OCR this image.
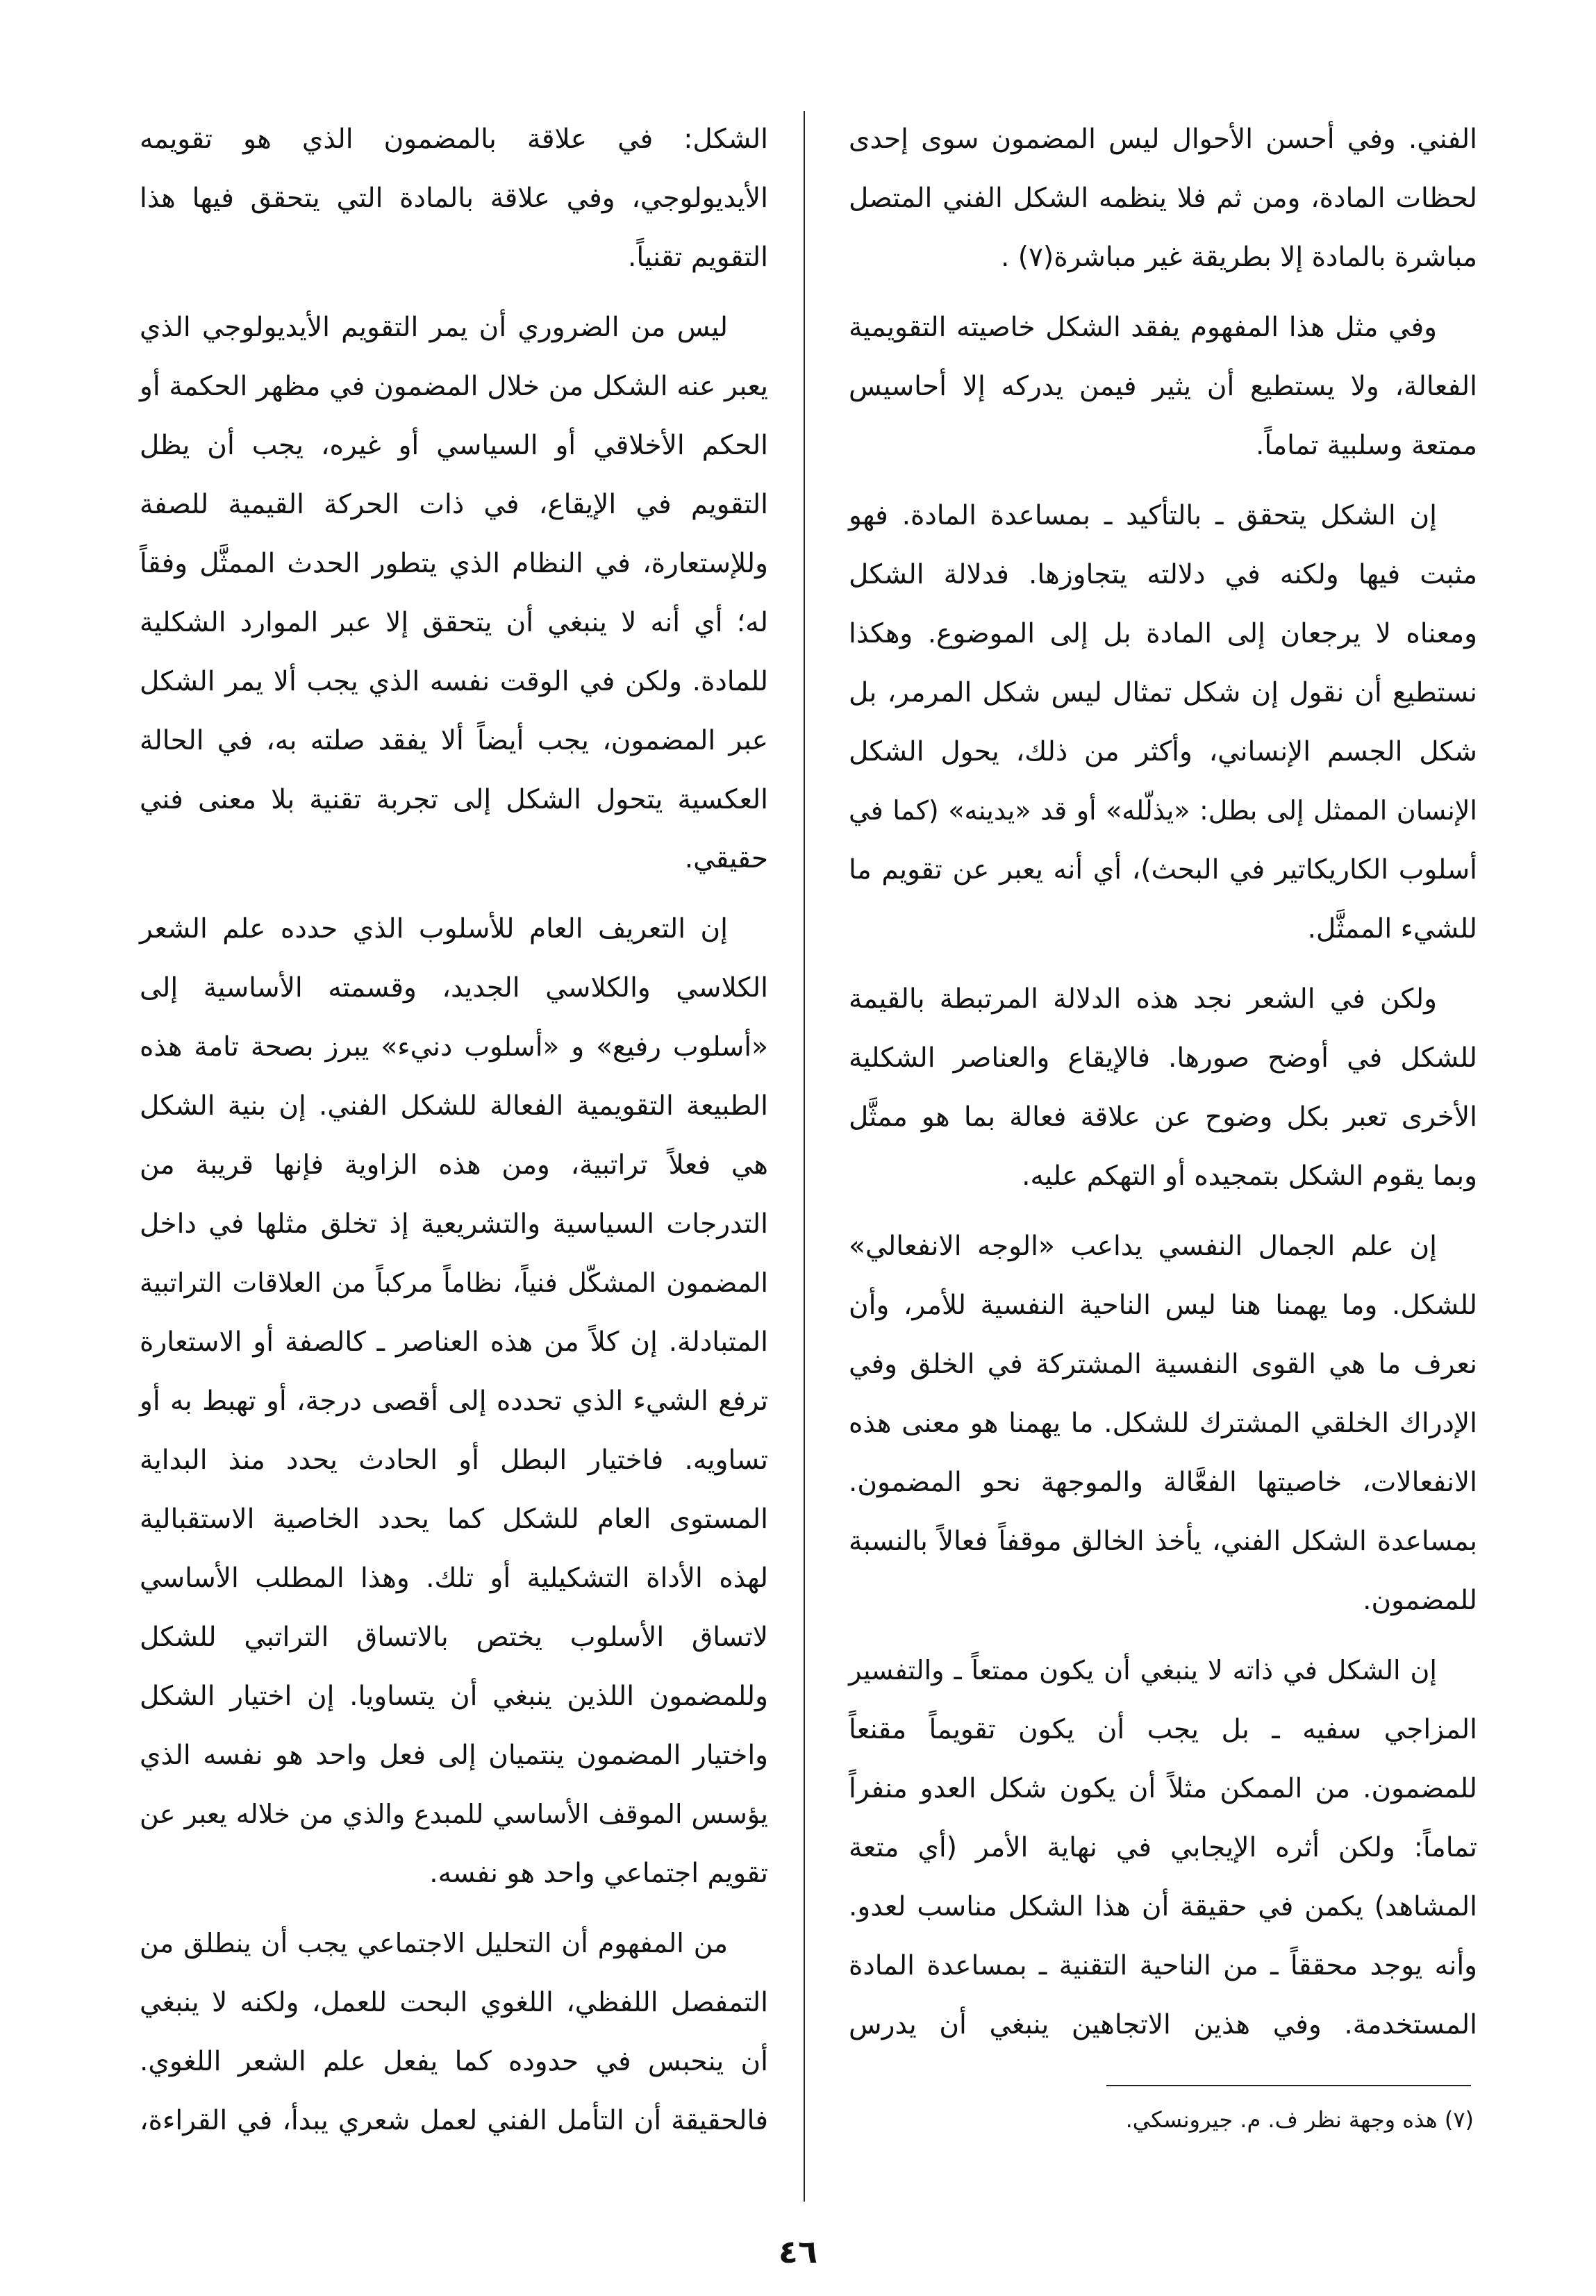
الفني. وفي أحسن الأحوال ليس المضمون سوى إحدى
لحظات المادة، ومن ثم فلا ينظمه الشكل الفني المتصل
مباشرة بالمادة إلا بطريقة غير مباشرة(٧) .
وفي مثل هذا المفهوم يفقد الشكل خاصيته التقويمية
الفعالة، ولا يستطيع أن يثير فيمن يدركه إلا أحاسيس
ممتعة وسلبية تماماً.
إن الشكل يتحقق ـ بالتأكيد ـ بمساعدة المادة. فهو
مثبت فيها ولكنه في دلالته يتجاوزها. فدلالة الشكل
ومعناه لا يرجعان إلى المادة بل إلى الموضوع. وهكذا
نستطيع أن نقول إن شكل تمثال ليس شكل المرمر، بل
شكل الجسم الإنساني، وأكثر من ذلك، يحول الشكل
الإنسان الممثل إلى بطل: «يذلّله» أو قد «يدينه» (كما في
أسلوب الكاريكاتير في البحث)، أي أنه يعبر عن تقويم ما
للشيء الممثَّل.
ولكن في الشعر نجد هذه الدلالة المرتبطة بالقيمة
للشكل في أوضح صورها. فالإيقاع والعناصر الشكلية
الأخرى تعبر بكل وضوح عن علاقة فعالة بما هو ممثَّل
وبما يقوم الشكل بتمجيده أو التهكم عليه.
إن علم الجمال النفسي يداعب «الوجه الانفعالي»
للشكل. وما يهمنا هنا ليس الناحية النفسية للأمر، وأن
نعرف ما هي القوى النفسية المشتركة في الخلق وفي
الإدراك الخلقي المشترك للشكل. ما يهمنا هو معنى هذه
الانفعالات، خاصيتها الفعَّالة والموجهة نحو المضمون.
بمساعدة الشكل الفني، يأخذ الخالق موقفاً فعالاً بالنسبة
للمضمون.
إن الشكل في ذاته لا ينبغي أن يكون ممتعاً ـ والتفسير
المزاجي سفيه ـ بل يجب أن يكون تقويماً مقنعاً
للمضمون. من الممكن مثلاً أن يكون شكل العدو منفراً
تماماً: ولكن أثره الإيجابي في نهاية الأمر (أي متعة
المشاهد) يكمن في حقيقة أن هذا الشكل مناسب لعدو.
وأنه يوجد محققاً ـ من الناحية التقنية ـ بمساعدة المادة
المستخدمة. وفي هذين الاتجاهين ينبغي أن يدرس
الشكل: في علاقة بالمضمون الذي هو تقويمه
الأيديولوجي، وفي علاقة بالمادة التي يتحقق فيها هذا
التقويم تقنياً.
ليس من الضروري أن يمر التقويم الأيديولوجي الذي
يعبر عنه الشكل من خلال المضمون في مظهر الحكمة أو
الحكم الأخلاقي أو السياسي أو غيره، يجب أن يظل
التقويم في الإيقاع، في ذات الحركة القيمية للصفة
وللإستعارة، في النظام الذي يتطور الحدث الممثَّل وفقاً
له؛ أي أنه لا ينبغي أن يتحقق إلا عبر الموارد الشكلية
للمادة. ولكن في الوقت نفسه الذي يجب ألا يمر الشكل
عبر المضمون، يجب أيضاً ألا يفقد صلته به، في الحالة
العكسية يتحول الشكل إلى تجربة تقنية بلا معنى فني
حقيقي.
إن التعريف العام للأسلوب الذي حدده علم الشعر
الكلاسي والكلاسي الجديد، وقسمته الأساسية إلى
«أسلوب رفيع» و «أسلوب دنيء» يبرز بصحة تامة هذه
الطبيعة التقويمية الفعالة للشكل الفني. إن بنية الشكل
هي فعلاً تراتبية، ومن هذه الزاوية فإنها قريبة من
التدرجات السياسية والتشريعية إذ تخلق مثلها في داخل
المضمون المشكّل فنياً، نظاماً مركباً من العلاقات التراتبية
المتبادلة. إن كلاً من هذه العناصر ـ كالصفة أو الاستعارة
ترفع الشيء الذي تحدده إلى أقصى درجة، أو تهبط به أو
تساويه. فاختيار البطل أو الحادث يحدد منذ البداية
المستوى العام للشكل كما يحدد الخاصية الاستقبالية
لهذه الأداة التشكيلية أو تلك. وهذا المطلب الأساسي
لاتساق الأسلوب يختص بالاتساق التراتبي للشكل
وللمضمون اللذين ينبغي أن يتساويا. إن اختيار الشكل
واختيار المضمون ينتميان إلى فعل واحد هو نفسه الذي
يؤسس الموقف الأساسي للمبدع والذي من خلاله يعبر عن
تقويم اجتماعي واحد هو نفسه.
من المفهوم أن التحليل الاجتماعي يجب أن ينطلق من
التمفصل اللفظي، اللغوي البحت للعمل، ولكنه لا ينبغي
أن ينحبس في حدوده كما يفعل علم الشعر اللغوي.
فالحقيقة أن التأمل الفني لعمل شعري يبدأ، في القراءة،	(٧) هذه وجهة نظر ف. م. جيرونسكي.
٤٦
